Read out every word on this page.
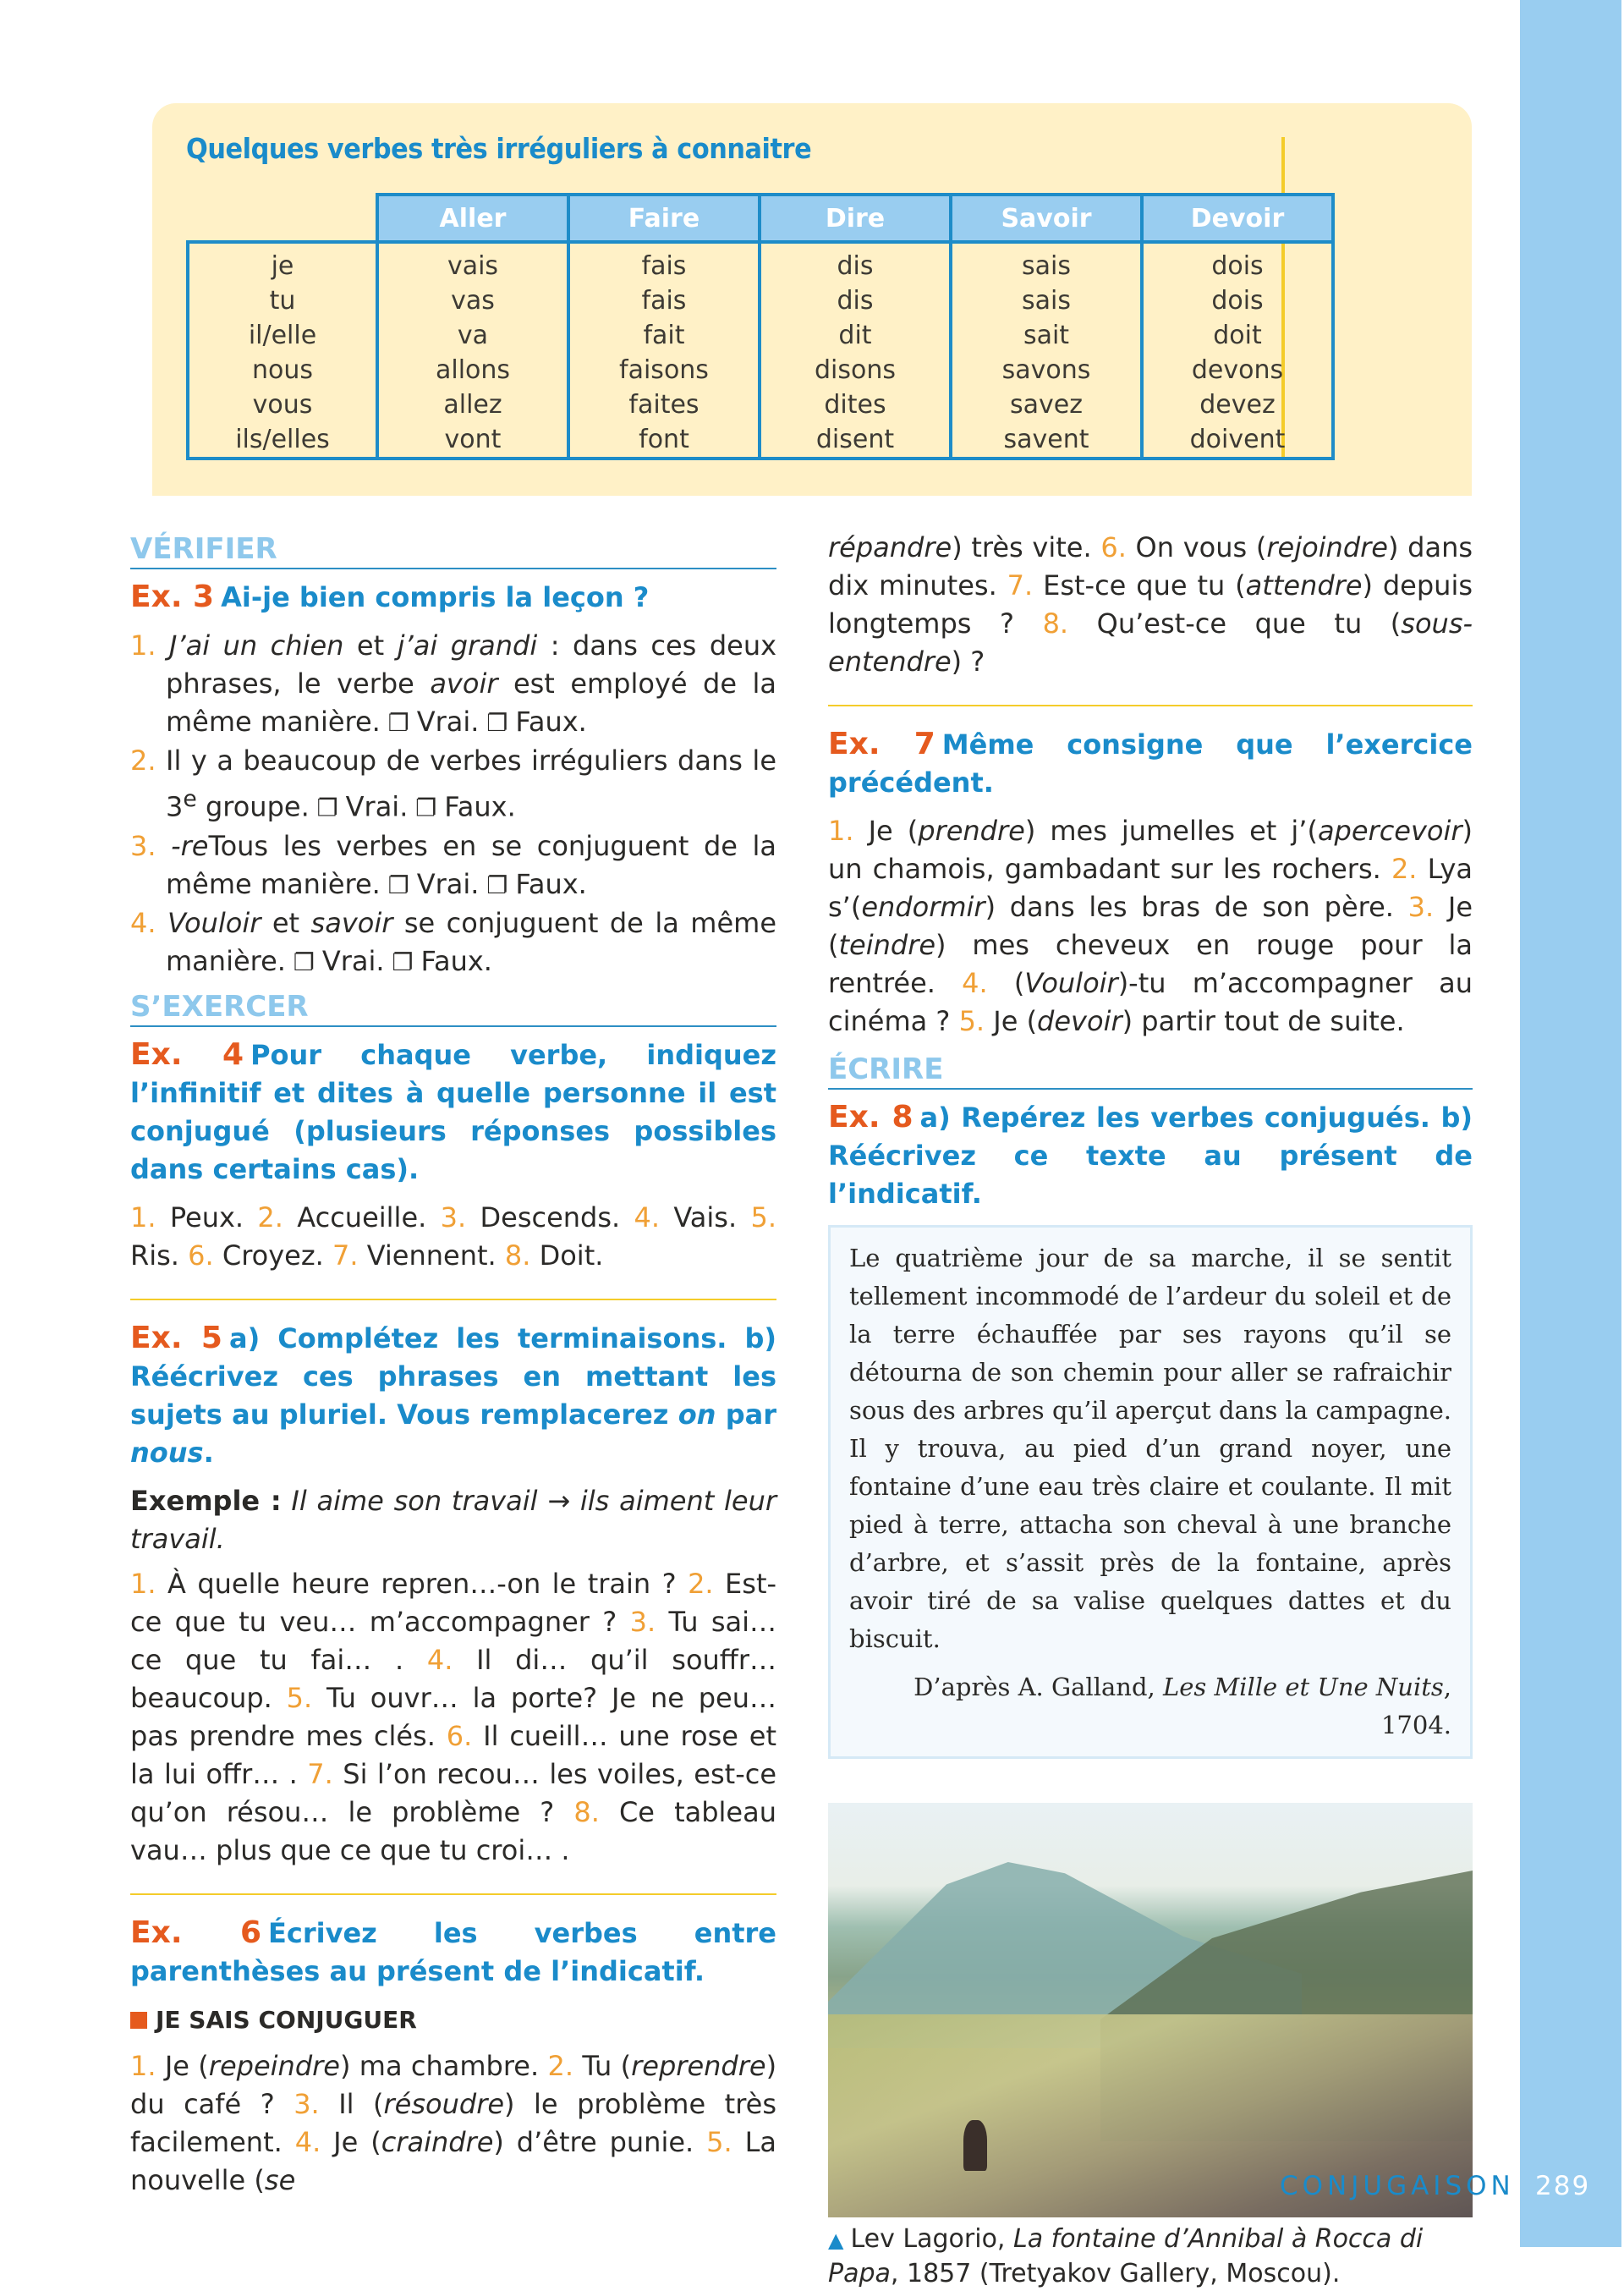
Quelques verbes très irréguliers à connaitre
	Aller	Faire	Dire	Savoir	Devoir
je	vais	fais	dis	sais	dois
tu	vas	fais	dis	sais	dois
il/elle	va	fait	dit	sait	doit
nous	allons	faisons	disons	savons	devons
vous	allez	faites	dites	savez	devez
ils/elles	vont	font	disent	savent	doivent
VÉRIFIER
Ex. 3 Ai-je bien compris la leçon ?
1. J’ai un chien et j’ai grandi : dans ces deux phrases, le verbe avoir est employé de la même manière. ❐ Vrai. ❐ Faux.
2. Il y a beaucoup de verbes irréguliers dans le 3e groupe. ❐ Vrai. ❐ Faux.
3. -reTous les verbes en se conjuguent de la même manière. ❐ Vrai. ❐ Faux.
4. Vouloir et savoir se conjuguent de la même manière. ❐ Vrai. ❐ Faux.
S’EXERCER
Ex. 4 Pour chaque verbe, indiquez l’infinitif et dites à quelle personne il est conjugué (plusieurs réponses possibles dans certains cas).
1. Peux. 2. Accueille. 3. Descends. 4. Vais. 5. Ris. 6. Croyez. 7. Viennent. 8. Doit.
Ex. 5 a) Complétez les terminaisons. b) Réécrivez ces phrases en mettant les sujets au pluriel. Vous remplacerez on par nous.
Exemple : Il aime son travail → ils aiment leur travail.
1. À quelle heure repren…-on le train ? 2. Est-ce que tu veu… m’accompagner ? 3. Tu sai… ce que tu fai… . 4. Il di… qu’il souffr… beaucoup. 5. Tu ouvr… la porte? Je ne peu… pas prendre mes clés. 6. Il cueill… une rose et la lui offr… . 7. Si l’on recou… les voiles, est-ce qu’on résou… le problème ? 8. Ce tableau vau… plus que ce que tu croi… .
Ex. 6 Écrivez les verbes entre parenthèses au présent de l’indicatif.
JE SAIS CONJUGUER
1. Je (repeindre) ma chambre. 2. Tu (reprendre) du café ? 3. Il (résoudre) le problème très facilement. 4. Je (craindre) d’être punie. 5. La nouvelle (se
répandre) très vite. 6. On vous (rejoindre) dans dix minutes. 7. Est-ce que tu (attendre) depuis longtemps ? 8. Qu’est-ce que tu (sous-entendre) ?
Ex. 7 Même consigne que l’exercice précédent.
1. Je (prendre) mes jumelles et j’(apercevoir) un chamois, gambadant sur les rochers. 2. Lya s’(endormir) dans les bras de son père. 3. Je (teindre) mes cheveux en rouge pour la rentrée. 4. (Vouloir)-tu m’accompagner au cinéma ? 5. Je (devoir) partir tout de suite.
ÉCRIRE
Ex. 8 a) Repérez les verbes conjugués. b) Réécrivez ce texte au présent de l’indicatif.
Le quatrième jour de sa marche, il se sentit tellement incommodé de l’ardeur du soleil et de la terre échauffée par ses rayons qu’il se détourna de son chemin pour aller se rafraichir sous des arbres qu’il aperçut dans la campagne. Il y trouva, au pied d’un grand noyer, une fontaine d’une eau très claire et coulante. Il mit pied à terre, attacha son cheval à une branche d’arbre, et s’assit près de la fontaine, après avoir tiré de sa valise quelques dattes et du biscuit.
D’après A. Galland, Les Mille et Une Nuits, 1704.
▲ Lev Lagorio, La fontaine d’Annibal à Rocca di Papa, 1857 (Tretyakov Gallery, Moscou).
CONJUGAISON 289
